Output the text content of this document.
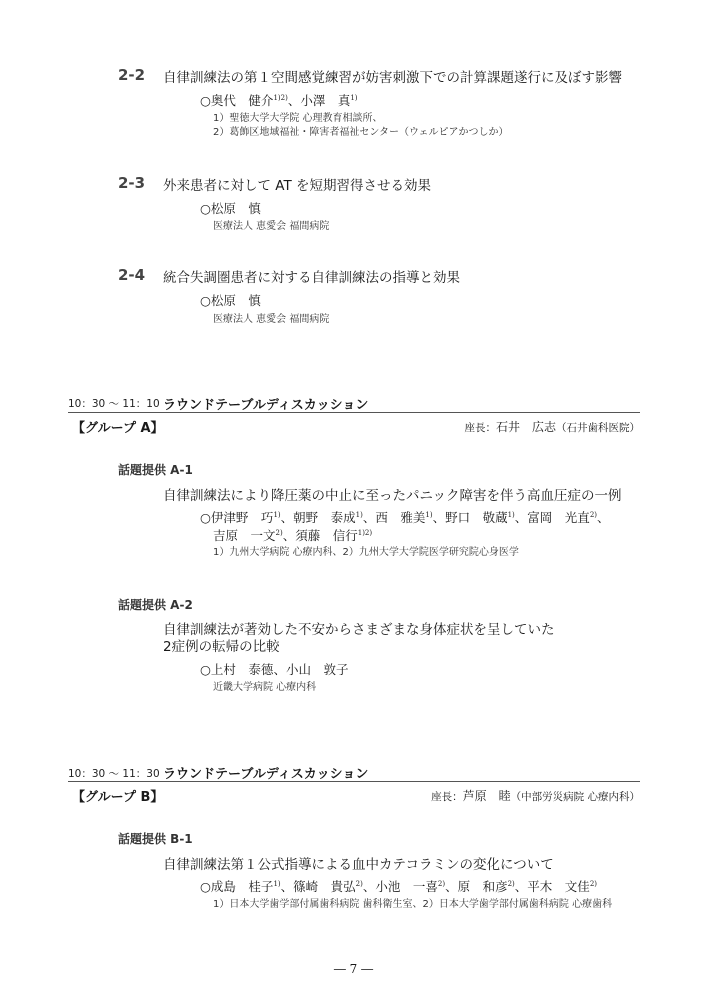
2-2 自律訓練法の第１空間感覚練習が妨害刺激下での計算課題遂行に及ぼす影響
○奥代　健介$^{1)2)}$、小澤　真$^{1)}$
1）聖徳大学大学院 心理教育相談所、
2）葛飾区地域福祉・障害者福祉センター（ウェルピアかつしか）
2-3 外来患者に対して AT を短期習得させる効果
○松原　慎
医療法人 恵愛会 福間病院
2-4 統合失調圏患者に対する自律訓練法の指導と効果
○松原　慎
医療法人 恵愛会 福間病院
10：30 〜 11：10 ラウンドテーブルディスカッション
【グループ A】	座長：石井　広志（石井歯科医院）
話題提供 A-1
自律訓練法により降圧薬の中止に至ったパニック障害を伴う高血圧症の一例
○伊津野　巧$^{1)}$、朝野　泰成$^{1)}$、西　雅美$^{1)}$、野口　敬蔵$^{1)}$、富岡　光直$^{2)}$、
吉原　一文$^{2)}$、須藤　信行$^{1)2)}$
1）九州大学病院 心療内科、2）九州大学大学院医学研究院心身医学
話題提供 A-2
自律訓練法が著効した不安からさまざまな身体症状を呈していた
2症例の転帰の比較
○上村　泰德、小山　敦子
近畿大学病院 心療内科
10：30 〜 11：30 ラウンドテーブルディスカッション
【グループ B】	座長：芦原　睦（中部労災病院 心療内科）
話題提供 B-1
自律訓練法第１公式指導による血中カテコラミンの変化について
○成島　桂子$^{1)}$、篠崎　貴弘$^{2)}$、小池　一喜$^{2)}$、原　和彦$^{2)}$、平木　文佳$^{2)}$
1）日本大学歯学部付属歯科病院 歯科衛生室、2）日本大学歯学部付属歯科病院 心療歯科
― 7 ―
